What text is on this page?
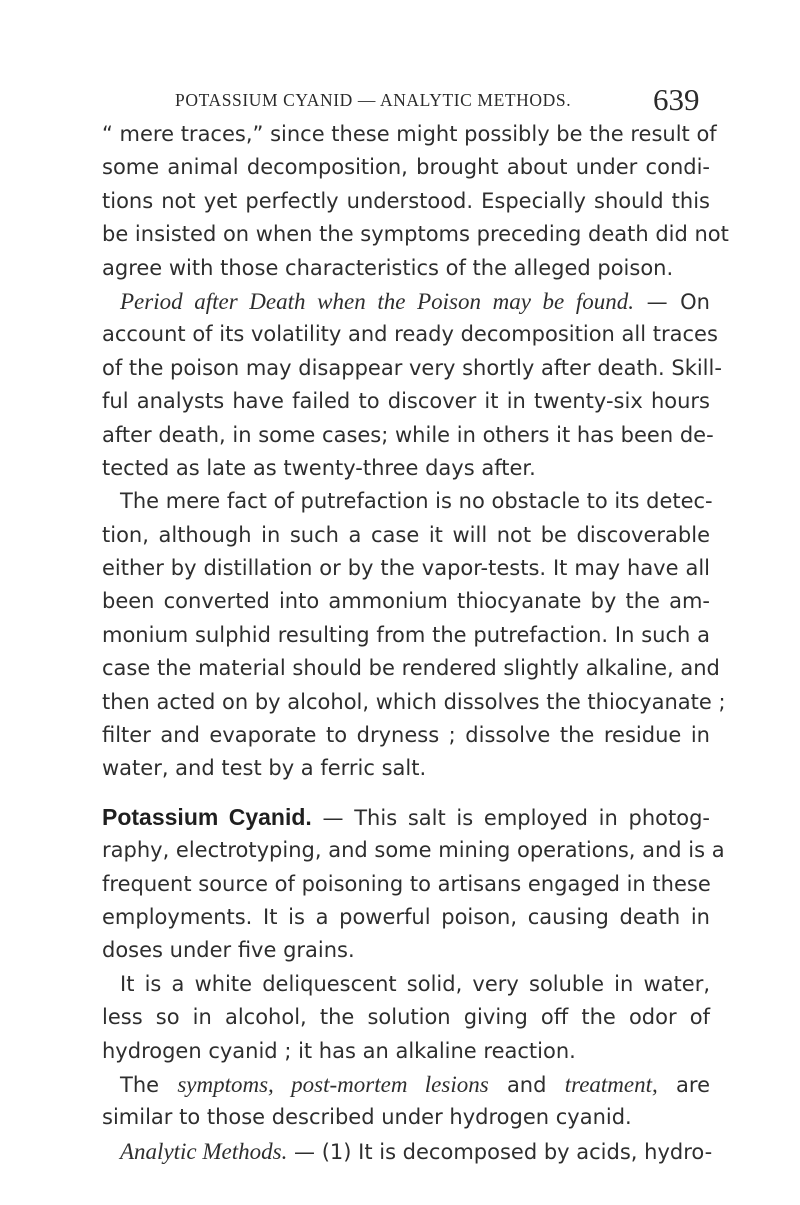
POTASSIUM CYANID — ANALYTIC METHODS.	639
“ mere traces,” since these might possibly be the result of
some animal decomposition, brought about under condi-
tions not yet perfectly understood. Especially should this
be insisted on when the symptoms preceding death did not
agree with those characteristics of the alleged poison.
Period after Death when the Poison may be found. — On
account of its volatility and ready decomposition all traces
of the poison may disappear very shortly after death. Skill-
ful analysts have failed to discover it in twenty-six hours
after death, in some cases; while in others it has been de-
tected as late as twenty-three days after.
The mere fact of putrefaction is no obstacle to its detec-
tion, although in such a case it will not be discoverable
either by distillation or by the vapor-tests. It may have all
been converted into ammonium thiocyanate by the am-
monium sulphid resulting from the putrefaction. In such a
case the material should be rendered slightly alkaline, and
then acted on by alcohol, which dissolves the thiocyanate ;
filter and evaporate to dryness ; dissolve the residue in
water, and test by a ferric salt.
Potassium Cyanid. — This salt is employed in photog-
raphy, electrotyping, and some mining operations, and is a
frequent source of poisoning to artisans engaged in these
employments. It is a powerful poison, causing death in
doses under five grains.
It is a white deliquescent solid, very soluble in water,
less so in alcohol, the solution giving off the odor of
hydrogen cyanid ; it has an alkaline reaction.
The symptoms, post-mortem lesions and treatment, are
similar to those described under hydrogen cyanid.
Analytic Methods. — (1) It is decomposed by acids, hydro-
